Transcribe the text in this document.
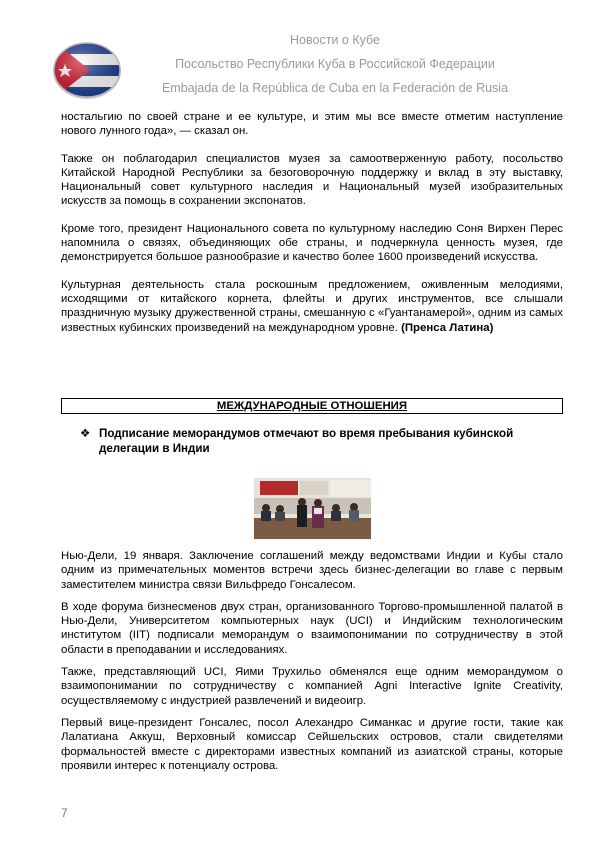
Новости о Кубе
Посольство Республики Куба в Российской Федерации
Embajada de la República de Cuba en la Federación de Rusia

ностальгию по своей стране и ее культуре, и этим мы все вместе отметим наступление нового лунного года», — сказал он.

Также он поблагодарил специалистов музея за самоотверженную работу, посольство Китайской Народной Республики за безоговорочную поддержку и вклад в эту выставку, Национальный совет культурного наследия и Национальный музей изобразительных искусств за помощь в сохранении экспонатов.

Кроме того, президент Национального совета по культурному наследию Соня Вирхен Перес напомнила о связях, объединяющих обе страны, и подчеркнула ценность музея, где демонстрируется большое разнообразие и качество более 1600 произведений искусства.

Культурная деятельность стала роскошным предложением, оживленным мелодиями, исходящими от китайского корнета, флейты и других инструментов, все слышали праздничную музыку дружественной страны, смешанную с «Гуантанамерой», одним из самых известных кубинских произведений на международном уровне. (Пренса Латина)

МЕЖДУНАРОДНЫЕ ОТНОШЕНИЯ
❖ Подписание меморандумов отмечают во время пребывания кубинской делегации в Индии

Нью-Дели, 19 января. Заключение соглашений между ведомствами Индии и Кубы стало одним из примечательных моментов встречи здесь бизнес-делегации во главе с первым заместителем министра связи Вильфредо Гонсалесом.

В ходе форума бизнесменов двух стран, организованного Торгово-промышленной палатой в Нью-Дели, Университетом компьютерных наук (UCI) и Индийским технологическим институтом (IIT) подписали меморандум о взаимопонимании по сотрудничеству в этой области в преподавании и исследованиях.

Также, представляющий UCI, Яими Трухильо обменялся еще одним меморандумом о взаимопонимании по сотрудничеству с компанией Agni Interactive Ignite Creativity, осуществляемому с индустрией развлечений и видеоигр.

Первый вице-президент Гонсалес, посол Алехандро Симанкас и другие гости, такие как Лалатиана Аккуш, Верховный комиссар Сейшельских островов, стали свидетелями формальностей вместе с директорами известных компаний из азиатской страны, которые проявили интерес к потенциалу острова.

7
